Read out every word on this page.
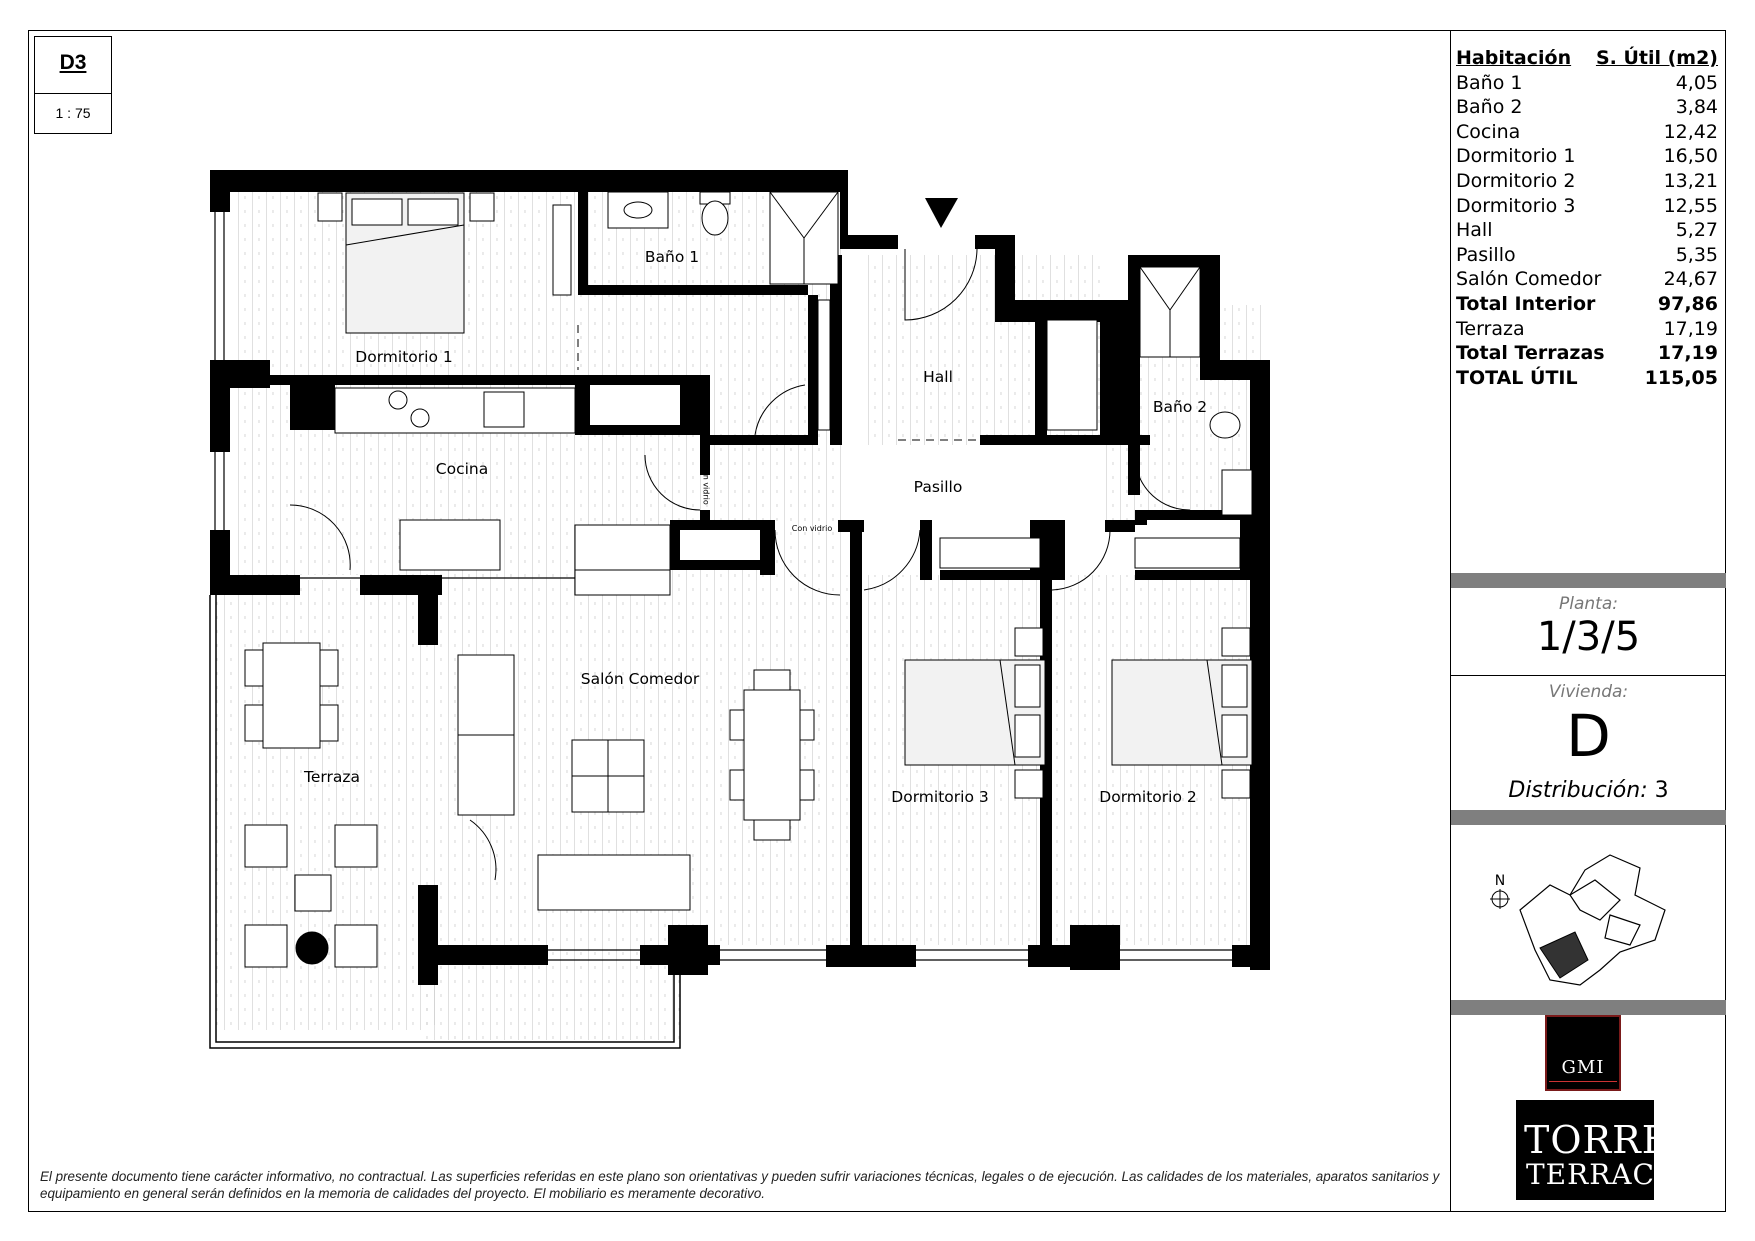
D3
1 : 75
Dormitorio 1
Baño 1
Hall
Baño 2
Cocina
Pasillo
Salón Comedor
Terraza
Dormitorio 3	Dormitorio 2
Con vidrio
Con vidrio
Habitación S. Útil (m2)
Baño 1	4,05
Baño 2	3,84
Cocina	12,42
Dormitorio 1	16,50
Dormitorio 2	13,21
Dormitorio 3	12,55
Hall	5,27
Pasillo	5,35
Salón Comedor	24,67
Total Interior	97,86
Terraza	17,19
Total Terrazas	17,19
TOTAL ÚTIL	115,05
Planta:
1/3/5
Vivienda:
D
Distribución: 3
N
GMI
TORRE
TERRACE
El presente documento tiene carácter informativo, no contractual. Las superficies referidas en este plano son orientativas y pueden sufrir variaciones técnicas, legales o de ejecución. Las calidades de los materiales, aparatos sanitarios y equipamiento en general serán definidos en la memoria de calidades del proyecto. El mobiliario es meramente decorativo.
